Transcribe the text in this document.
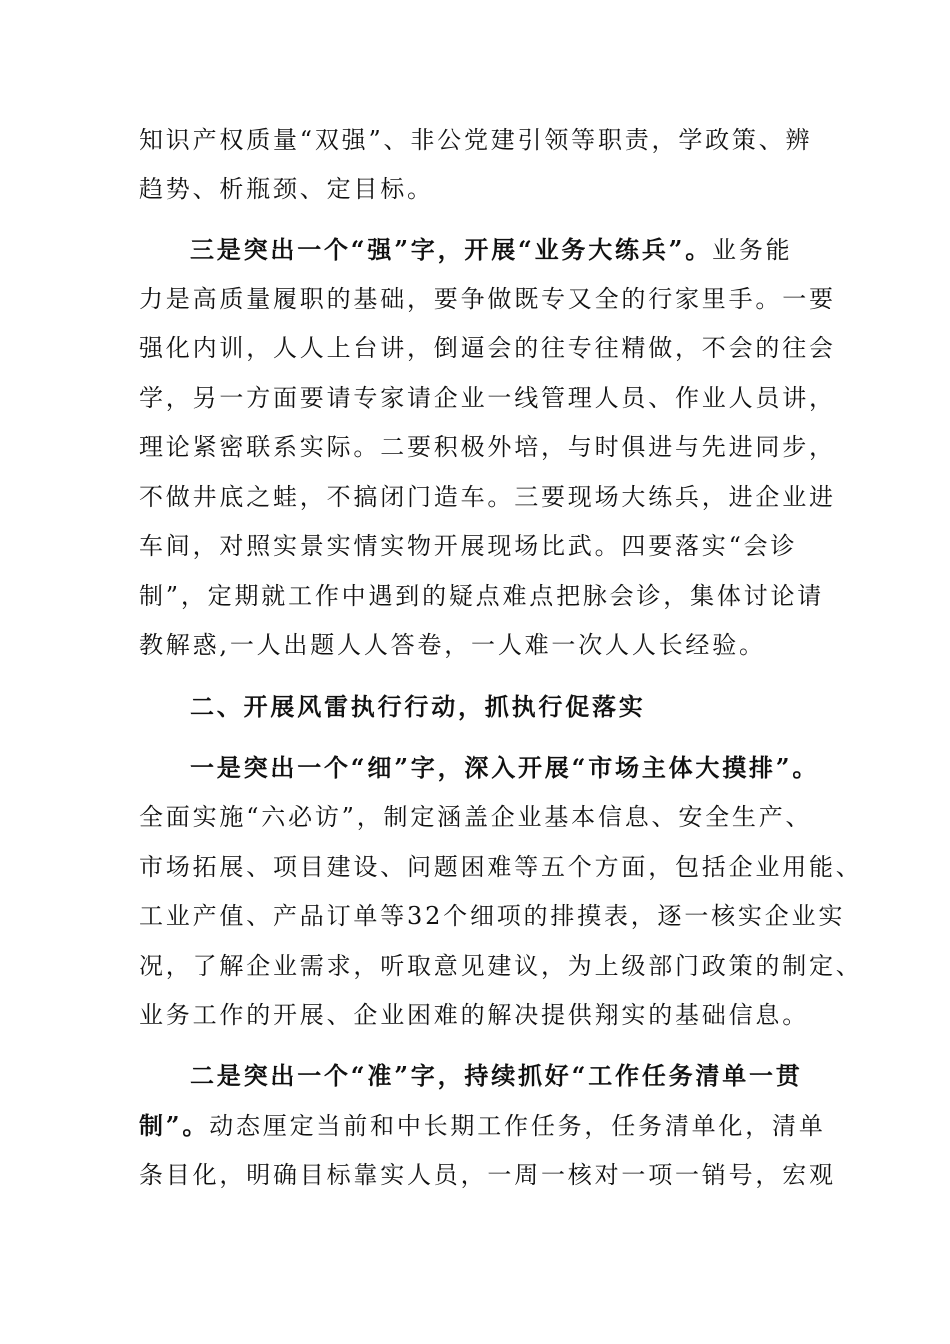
知识产权质量“双强”、非公党建引领等职责，学政策、辨
趋势、析瓶颈、定目标。
三是突出一个“强”字，开展“业务大练兵”。业务能
力是高质量履职的基础，要争做既专又全的行家里手。一要
强化内训，人人上台讲，倒逼会的往专往精做，不会的往会
学，另一方面要请专家请企业一线管理人员、作业人员讲，
理论紧密联系实际。二要积极外培，与时俱进与先进同步，
不做井底之蛙，不搞闭门造车。三要现场大练兵，进企业进
车间，对照实景实情实物开展现场比武。四要落实“会诊
制”，定期就工作中遇到的疑点难点把脉会诊，集体讨论请
教解惑,一人出题人人答卷，一人难一次人人长经验。
二、开展风雷执行行动，抓执行促落实
一是突出一个“细”字，深入开展“市场主体大摸排”。
全面实施“六必访”，制定涵盖企业基本信息、安全生产、
市场拓展、项目建设、问题困难等五个方面，包括企业用能、
工业产值、产品订单等32个细项的排摸表，逐一核实企业实
况，了解企业需求，听取意见建议，为上级部门政策的制定、
业务工作的开展、企业困难的解决提供翔实的基础信息。
二是突出一个“准”字，持续抓好“工作任务清单一贯
制”。动态厘定当前和中长期工作任务，任务清单化，清单
条目化，明确目标靠实人员，一周一核对一项一销号，宏观
